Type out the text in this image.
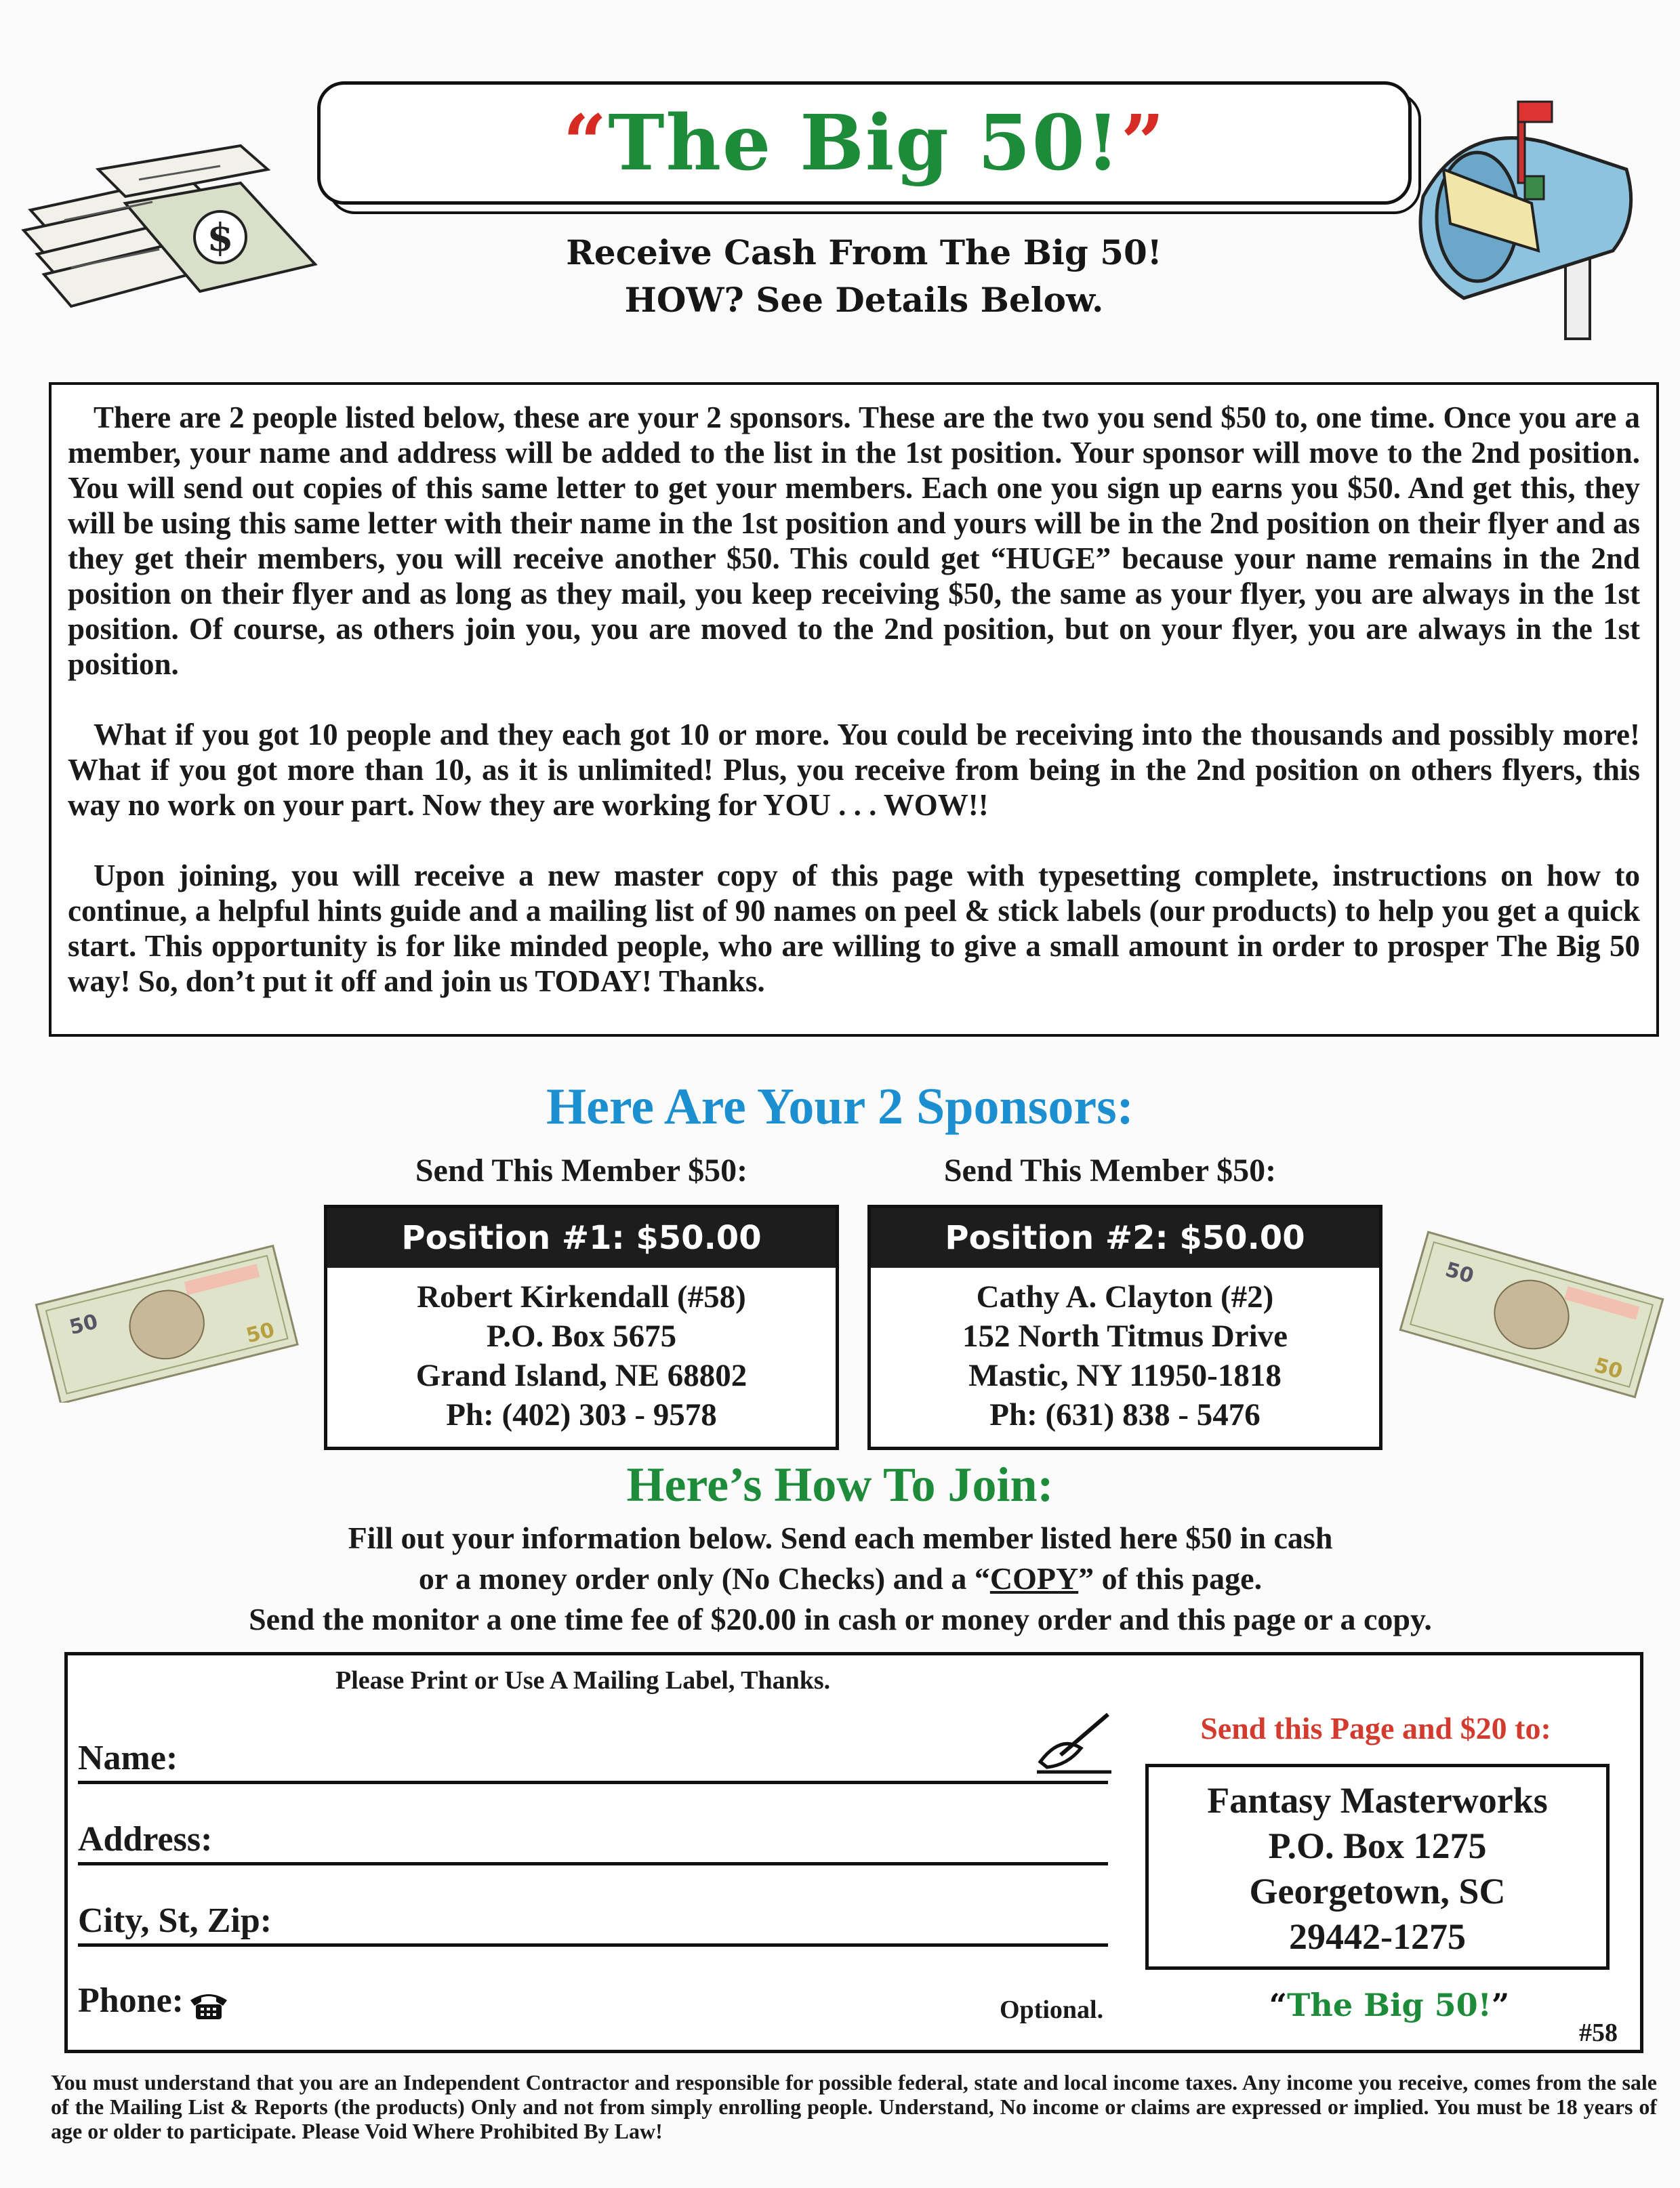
$
“ The Big 50! ”
Receive Cash From The Big 50!
HOW? See Details Below.

There are 2 people listed below, these are your 2 sponsors. These are the two you send $50 to, one time. Once you are a member, your name and address will be added to the list in the 1st position. Your sponsor will move to the 2nd position. You will send out copies of this same letter to get your members. Each one you sign up earns you $50. And get this, they will be using this same letter with their name in the 1st position and yours will be in the 2nd position on their flyer and as they get their members, you will receive another $50. This could get “HUGE” because your name remains in the 2nd position on their flyer and as long as they mail, you keep receiving $50, the same as your flyer, you are always in the 1st position. Of course, as others join you, you are moved to the 2nd position, but on your flyer, you are always in the 1st position.

What if you got 10 people and they each got 10 or more. You could be receiving into the thousands and possibly more! What if you got more than 10, as it is unlimited! Plus, you receive from being in the 2nd position on others flyers, this way no work on your part. Now they are working for YOU . . . WOW!!

Upon joining, you will receive a new master copy of this page with typesetting complete, instructions on how to continue, a helpful hints guide and a mailing list of 90 names on peel & stick labels (our products) to help you get a quick start. This opportunity is for like minded people, who are willing to give a small amount in order to prosper The Big 50 way! So, don’t put it off and join us TODAY! Thanks.

Here Are Your 2 Sponsors:
Send This Member $50:	Send This Member $50:
50	50
Position #1: $50.00
Robert Kirkendall (#58)
P.O. Box 5675
Grand Island, NE 68802
Ph: (402) 303 - 9578
Position #2: $50.00
Cathy A. Clayton (#2)
152 North Titmus Drive
Mastic, NY 11950-1818
Ph: (631) 838 - 5476
50
50
Here’s How To Join:
Fill out your information below. Send each member listed here $50 in cash
or a money order only (No Checks) and a “COPY” of this page.
Send the monitor a one time fee of $20.00 in cash or money order and this page or a copy.
Please Print or Use A Mailing Label, Thanks.
Name:
Address:
City, St, Zip:
Phone:	Optional.
Send this Page and $20 to:
Fantasy Masterworks
P.O. Box 1275
Georgetown, SC
29442-1275
“The Big 50!”
#58
You must understand that you are an Independent Contractor and responsible for possible federal, state and local income taxes. Any income you receive, comes from the sale of the Mailing List & Reports (the products) Only and not from simply enrolling people. Understand, No income or claims are expressed or implied. You must be 18 years of age or older to participate. Please Void Where Prohibited By Law!
